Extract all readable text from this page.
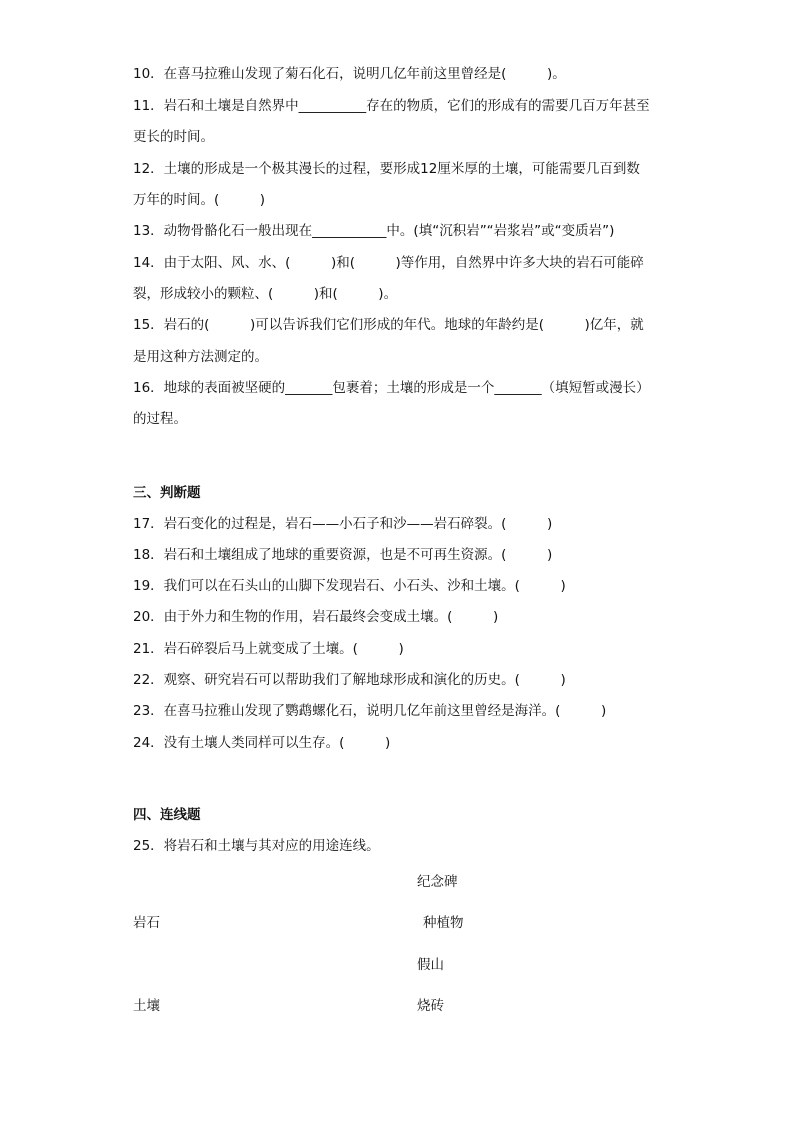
10．在喜马拉雅山发现了菊石化石，说明几亿年前这里曾经是(　　　)。
11．岩石和土壤是自然界中__________存在的物质，它们的形成有的需要几百万年甚至
更长的时间。
12．土壤的形成是一个极其漫长的过程，要形成12厘米厚的土壤，可能需要几百到数
万年的时间。(　　　)
13．动物骨骼化石一般出现在___________中。(填“沉积岩”“岩浆岩”或“变质岩”)
14．由于太阳、风、水、(　　　)和(　　　)等作用，自然界中许多大块的岩石可能碎
裂，形成较小的颗粒、(　　　)和(　　　)。
15．岩石的(　　　)可以告诉我们它们形成的年代。地球的年龄约是(　　　)亿年，就
是用这种方法测定的。
16．地球的表面被坚硬的_______包裹着；土壤的形成是一个_______（填短暂或漫长）
的过程。
三、判断题
17．岩石变化的过程是，岩石——小石子和沙——岩石碎裂。(　　　)
18．岩石和土壤组成了地球的重要资源，也是不可再生资源。(　　　)
19．我们可以在石头山的山脚下发现岩石、小石头、沙和土壤。(　　　)
20．由于外力和生物的作用，岩石最终会变成土壤。(　　　)
21．岩石碎裂后马上就变成了土壤。(　　　)
22．观察、研究岩石可以帮助我们了解地球形成和演化的历史。(　　　)
23．在喜马拉雅山发现了鹦鹉螺化石，说明几亿年前这里曾经是海洋。(　　　)
24．没有土壤人类同样可以生存。(　　　)
四、连线题
25．将岩石和土壤与其对应的用途连线。
岩石
土壤
纪念碑
种植物
假山
烧砖
